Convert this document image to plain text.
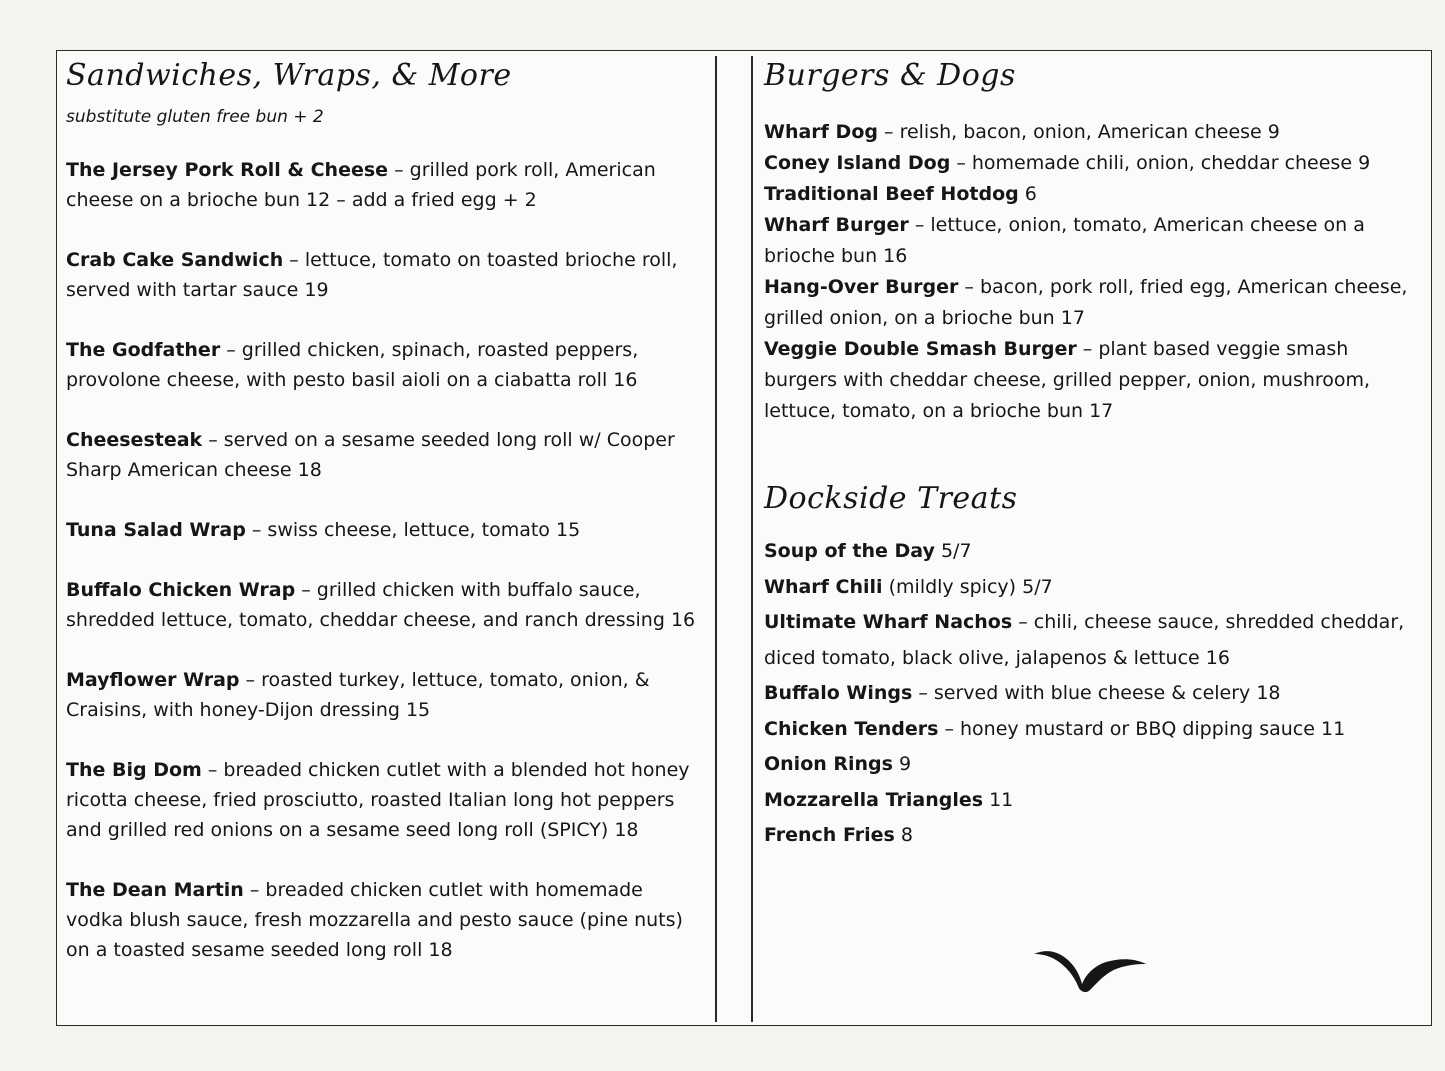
Sandwiches, Wraps, & More
substitute gluten free bun + 2
The Jersey Pork Roll & Cheese – grilled pork roll, American cheese on a brioche bun 12 – add a fried egg + 2
Crab Cake Sandwich – lettuce, tomato on toasted brioche roll, served with tartar sauce 19
The Godfather – grilled chicken, spinach, roasted peppers, provolone cheese, with pesto basil aioli on a ciabatta roll 16
Cheesesteak – served on a sesame seeded long roll w/ Cooper Sharp American cheese 18
Tuna Salad Wrap – swiss cheese, lettuce, tomato 15
Buffalo Chicken Wrap – grilled chicken with buffalo sauce, shredded lettuce, tomato, cheddar cheese, and ranch dressing 16
Mayflower Wrap – roasted turkey, lettuce, tomato, onion, & Craisins, with honey-Dijon dressing 15
The Big Dom – breaded chicken cutlet with a blended hot honey ricotta cheese, fried prosciutto, roasted Italian long hot peppers and grilled red onions on a sesame seed long roll (SPICY) 18
The Dean Martin – breaded chicken cutlet with homemade vodka blush sauce, fresh mozzarella and pesto sauce (pine nuts) on a toasted sesame seeded long roll 18
Burgers & Dogs
Wharf Dog – relish, bacon, onion, American cheese 9
Coney Island Dog – homemade chili, onion, cheddar cheese 9
Traditional Beef Hotdog 6
Wharf Burger – lettuce, onion, tomato, American cheese on a brioche bun 16
Hang-Over Burger – bacon, pork roll, fried egg, American cheese, grilled onion, on a brioche bun 17
Veggie Double Smash Burger – plant based veggie smash burgers with cheddar cheese, grilled pepper, onion, mushroom, lettuce, tomato, on a brioche bun 17
Dockside Treats
Soup of the Day 5/7
Wharf Chili (mildly spicy) 5/7
Ultimate Wharf Nachos – chili, cheese sauce, shredded cheddar, diced tomato, black olive, jalapenos & lettuce 16
Buffalo Wings – served with blue cheese & celery 18
Chicken Tenders – honey mustard or BBQ dipping sauce 11
Onion Rings 9
Mozzarella Triangles 11
French Fries 8
